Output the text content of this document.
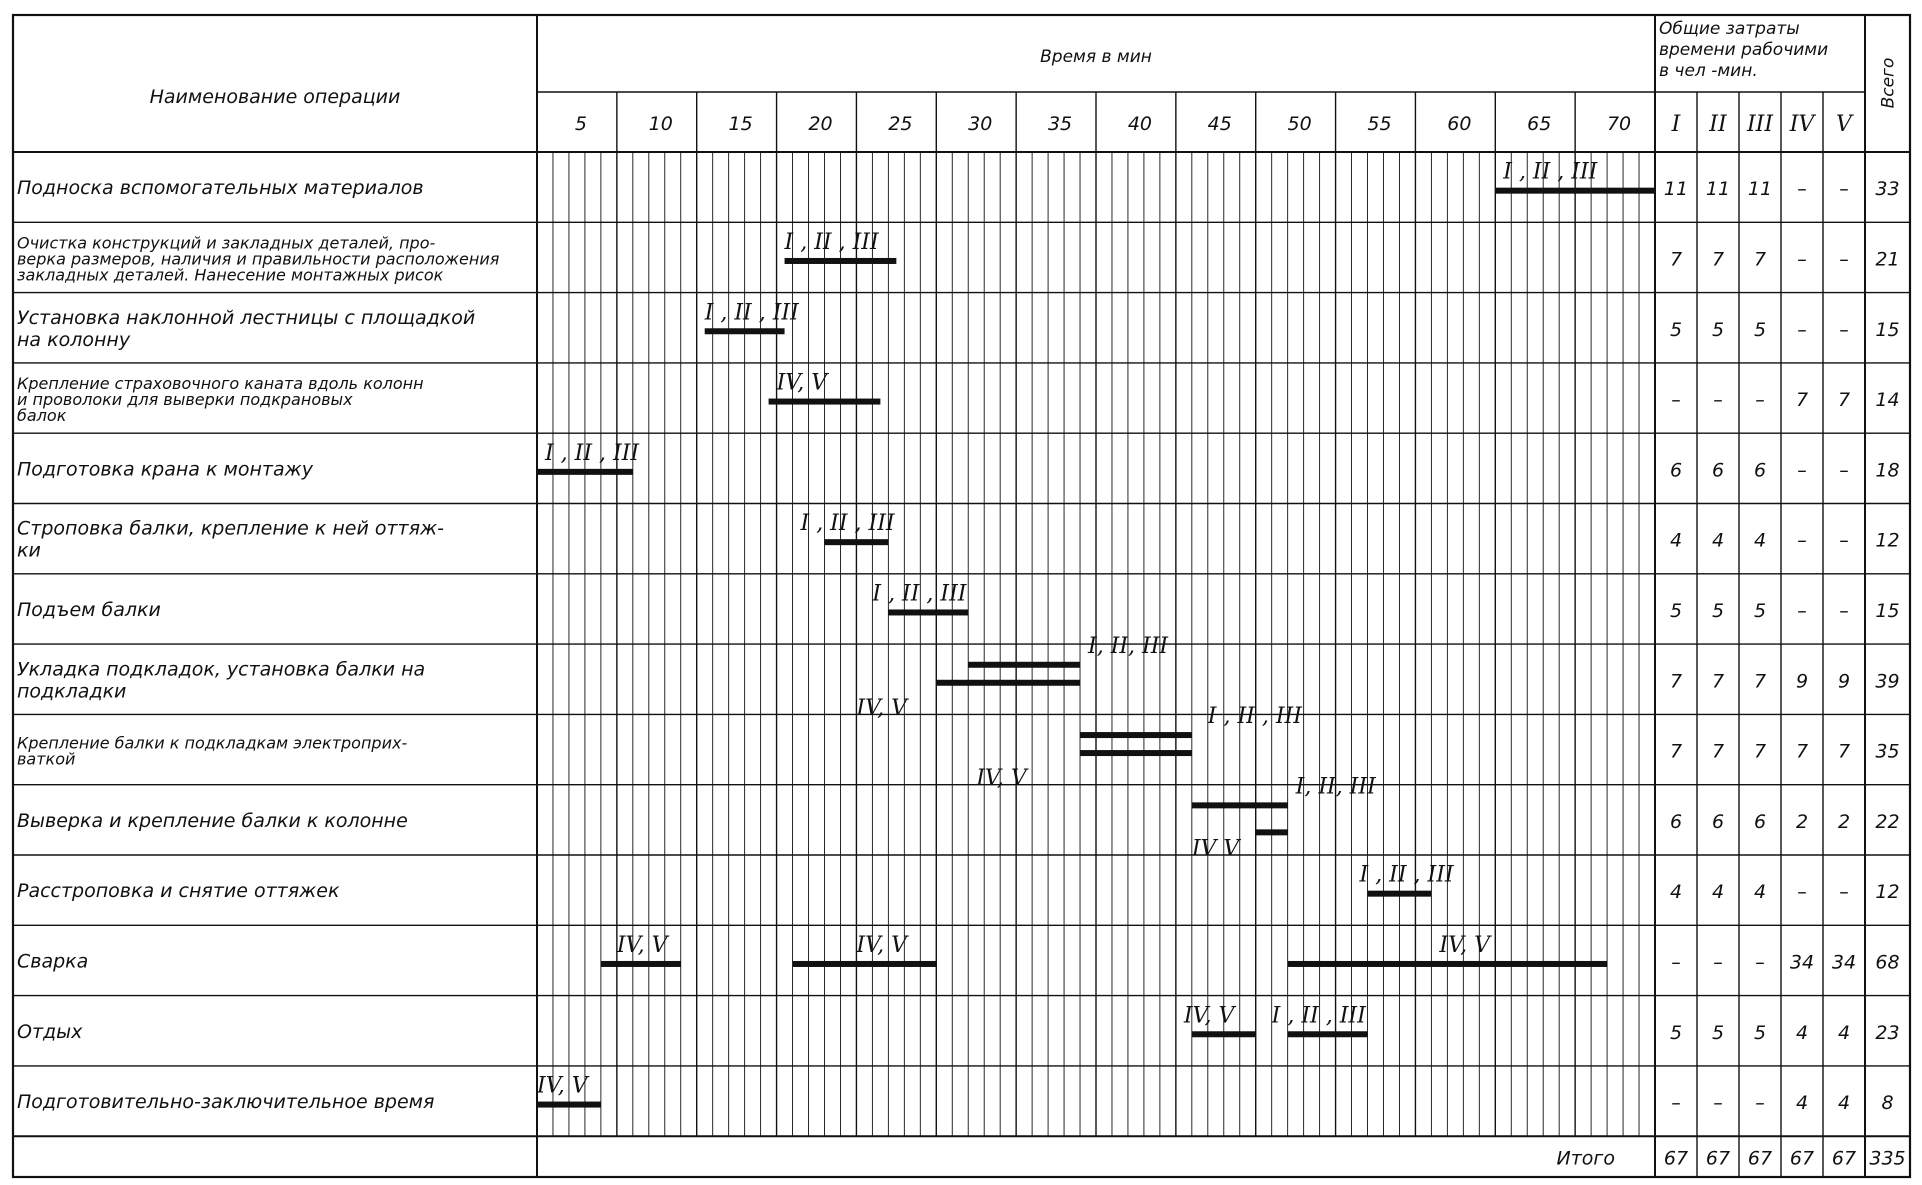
Наименование операции
Время в мин
5	10	15	20	25	30	35	40	45	50	55	60	65	70
Общие затраты
времени рабочими
в чел -мин.
I II III IV V
Всего
Подноска вспомогательных материалов
I , II , III
11 11 11 – – 33
Очистка конструкций и закладных деталей, про-
верка размеров, наличия и правильности расположения
закладных деталей. Нанесение монтажных рисок
I , II , III
7 7 7 – – 21
Установка наклонной лестницы с площадкой
на колонну
I , II , III
5 5 5 – – 15
Крепление страховочного каната вдоль колонн
и проволоки для выверки подкрановых
балок
IV, V
– – – 7 7 14
Подготовка крана к монтажу
I , II , III
6 6 6 – – 18
Строповка балки, крепление к ней оттяж-
ки
I , II , III
4 4 4 – – 12
Подъем балки
I , II , III
5 5 5 – – 15
Укладка подкладок, установка балки на
подкладки
I, II, III
IV, V
7 7 7 9 9 39
Крепление балки к подкладкам электроприх-
ваткой
I , II , III
IV, V
7 7 7 7 7 35
Выверка и крепление балки к колонне
I, II, III
IV V
6 6 6 2 2 22
Расстроповка и снятие оттяжек
I , II , III
4 4 4 – – 12
Сварка
IV, V	IV, V	IV, V
– – – 34 34 68
Отдых
IV, V I , II , III
5 5 5 4 4 23
Подготовительно-заключительное время
IV, V
– – – 4 4 8
Итого	67 67 67 67 67 335
